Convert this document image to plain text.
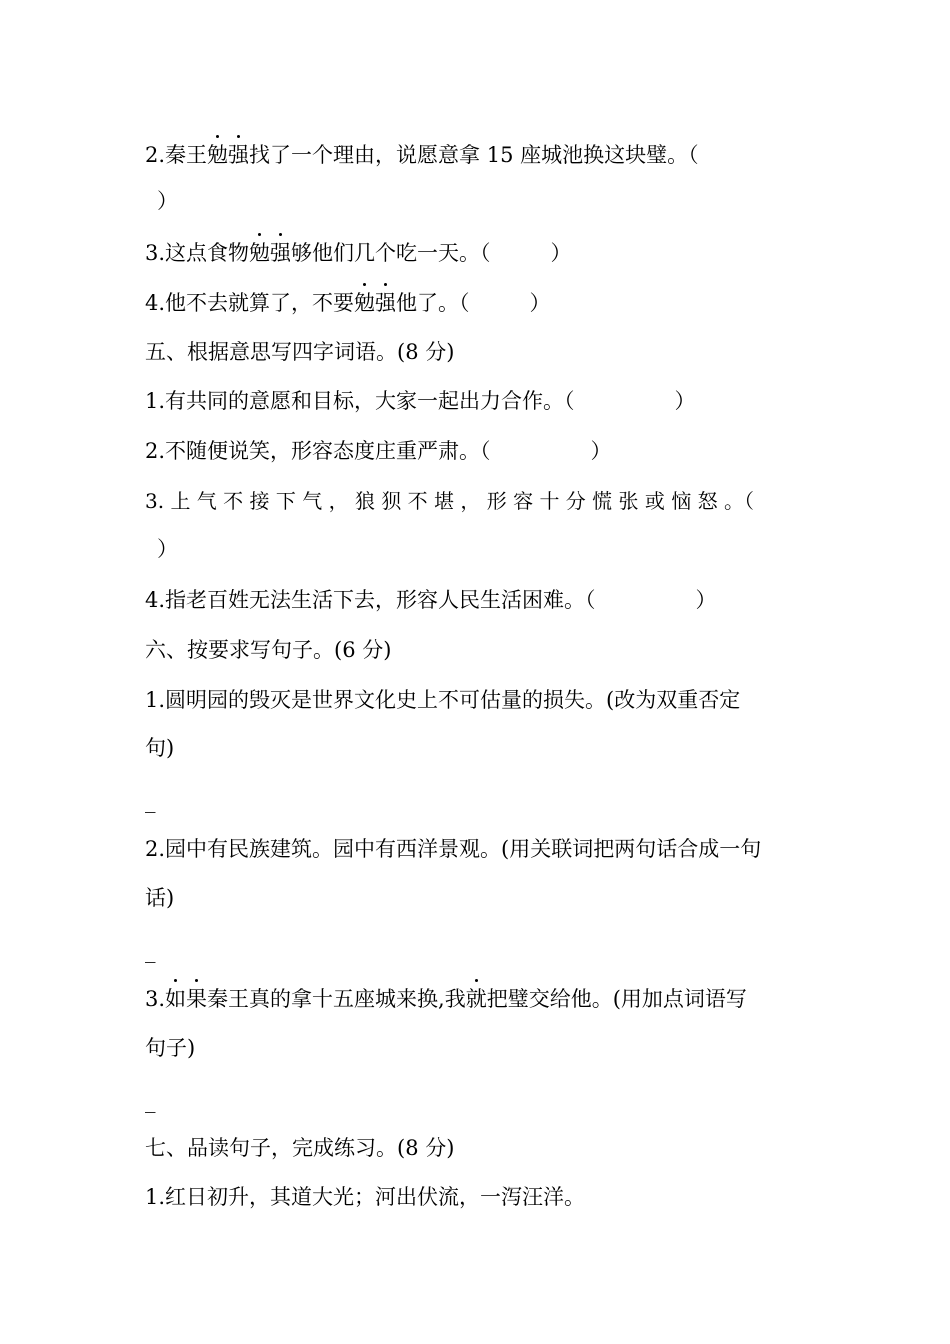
2.秦王勉强找了一个理由，说愿意拿 15 座城池换这块璧。（
）
3.这点食物勉强够他们几个吃一天。（	）
4.他不去就算了，不要勉强他了。（	）
五、根据意思写四字词语。(8 分)
1.有共同的意愿和目标，大家一起出力合作。（	）
2.不随便说笑，形容态度庄重严肃。（	）
3. 上 气 不 接 下 气 ， 狼 狈 不 堪 ， 形 容 十 分 慌 张 或 恼 怒 。（
）
4.指老百姓无法生活下去，形容人民生活困难。（	）
六、按要求写句子。(6 分)
1.圆明园的毁灭是世界文化史上不可估量的损失。(改为双重否定
句)
_
2.园中有民族建筑。园中有西洋景观。(用关联词把两句话合成一句
话)
_
3.如果秦王真的拿十五座城来换,我就把璧交给他。(用加点词语写
句子)
_
七、品读句子，完成练习。(8 分)
1.红日初升，其道大光；河出伏流，一泻汪洋。
